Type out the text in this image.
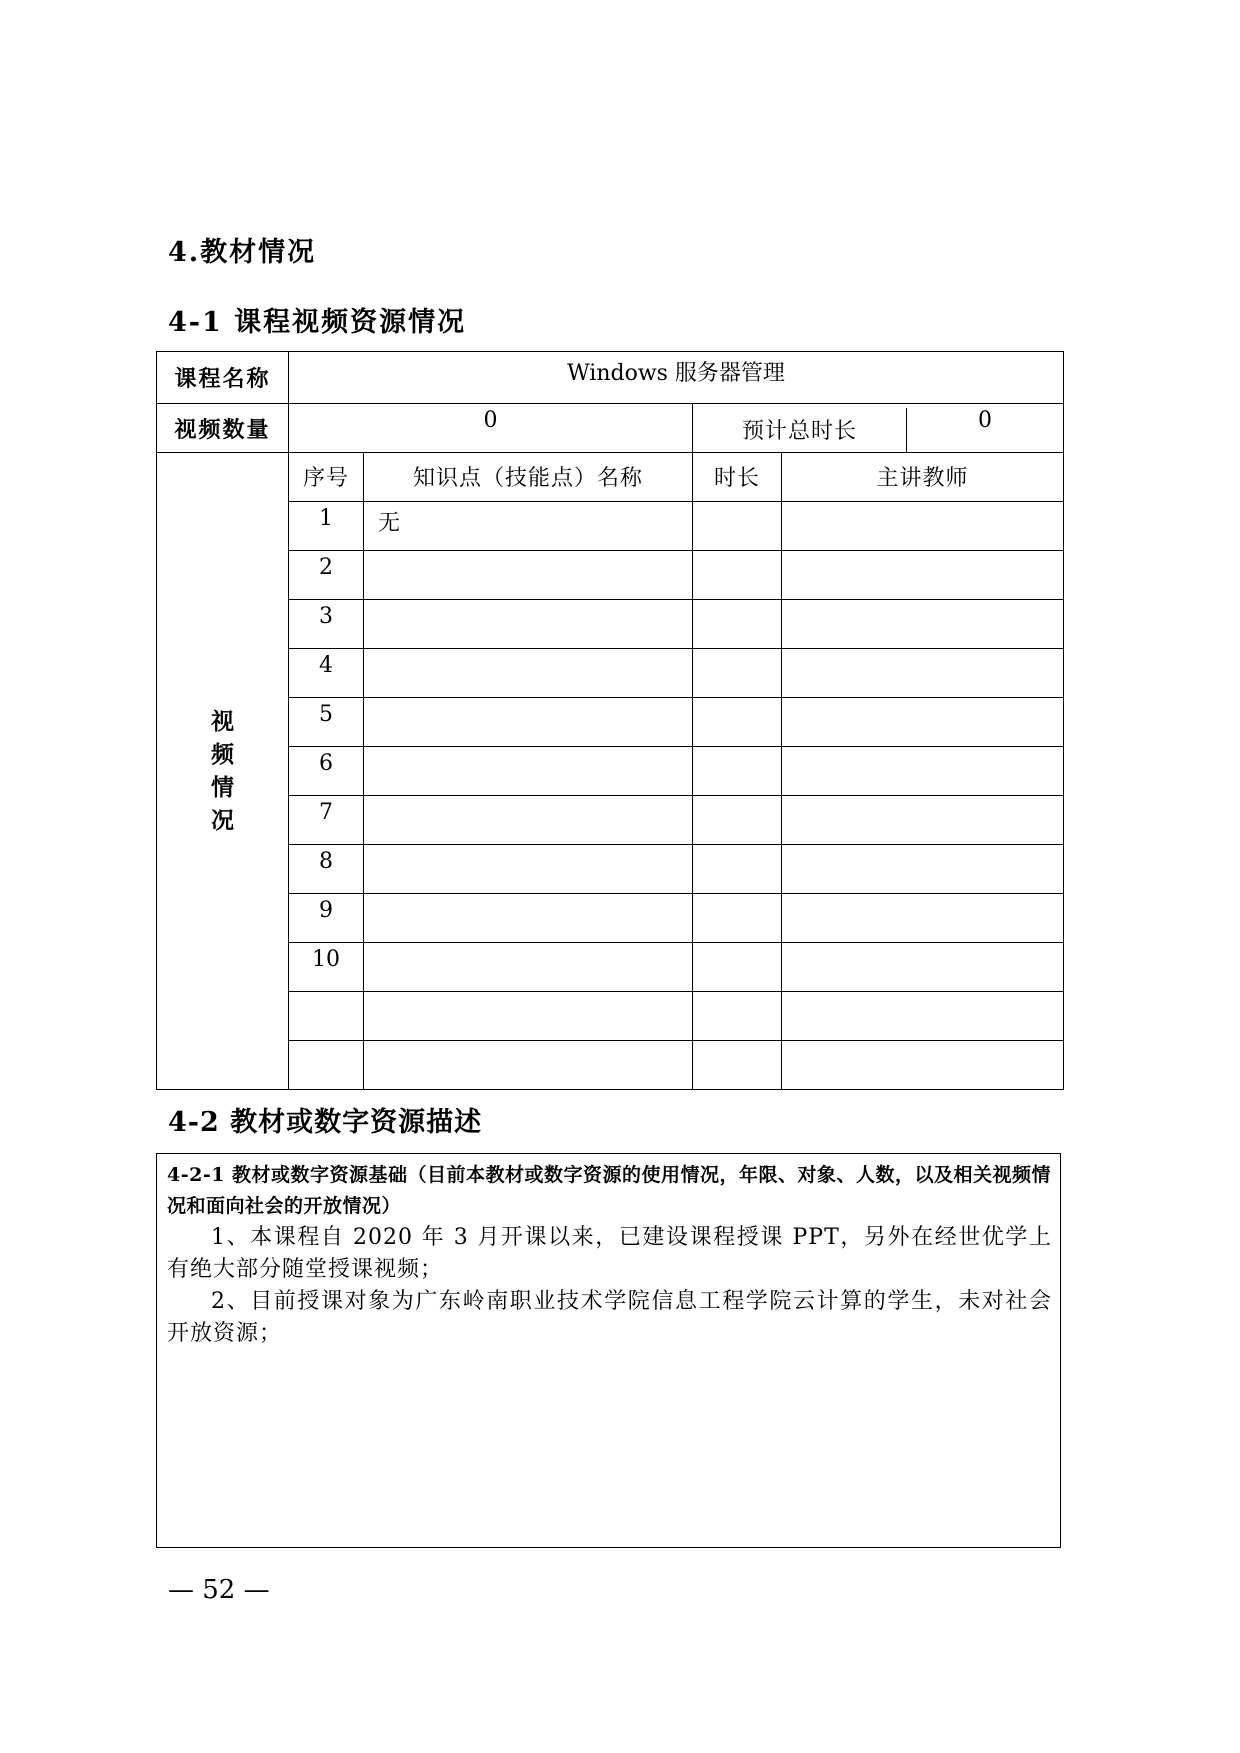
4.教材情况
4-1 课程视频资源情况
课程名称	Windows 服务器管理			
视频数量	0		预计总时长 0	

视
频
情
况	序号	知识点（技能点）名称	时长	主讲教师
	1	无		
	2			
	3			
	4			
	5			
	6			
	7			
	8			
	9			
	10			

4-2 教材或数字资源描述
4-2-1 教材或数字资源基础（目前本教材或数字资源的使用情况，年限、对象、人数，以及相关视频情况和面向社会的开放情况）
1、本课程自 2020 年 3 月开课以来，已建设课程授课 PPT，另外在经世优学上有绝大部分随堂授课视频；
2、目前授课对象为广东岭南职业技术学院信息工程学院云计算的学生，未对社会开放资源；
— 52 —
